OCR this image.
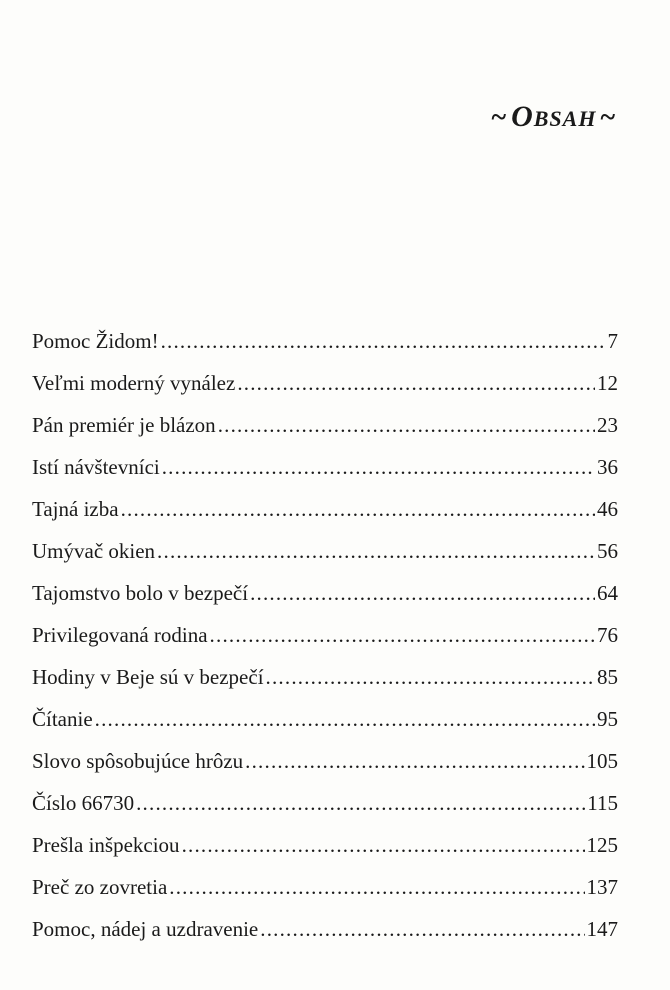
~ OBSAH ~
Pomoc Židom! .....	7
Veľmi moderný vynález .....	12
Pán premiér je blázon .....	23
Istí návštevníci .....	36
Tajná izba .....	46
Umývač okien .....	56
Tajomstvo bolo v bezpečí .....	64
Privilegovaná rodina .....	76
Hodiny v Beje sú v bezpečí .....	85
Čítanie .....	95
Slovo spôsobujúce hrôzu .....	105
Číslo 66730 .....	115
Prešla inšpekciou .....	125
Preč zo zovretia .....	137
Pomoc, nádej a uzdravenie .....	147
